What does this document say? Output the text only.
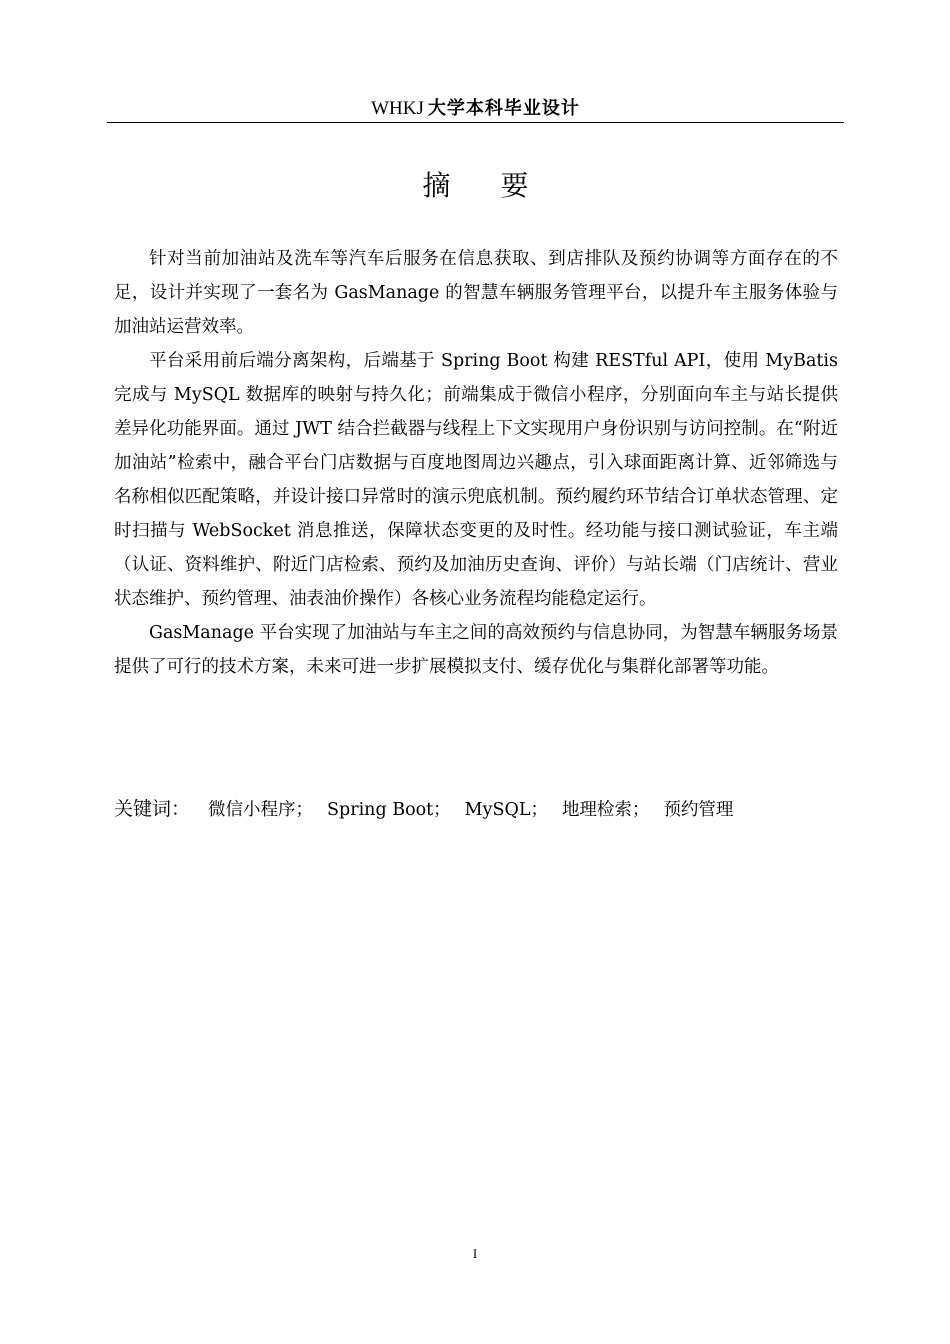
WHKJ 大学本科毕业设计
摘要

针对当前加油站及洗车等汽车后服务在信息获取、到店排队及预约协调等方面存在的不足，设计并实现了一套名为 GasManage 的智慧车辆服务管理平台，以提升车主服务体验与加油站运营效率。

平台采用前后端分离架构，后端基于 Spring Boot 构建 RESTful API，使用 MyBatis 完成与 MySQL 数据库的映射与持久化；前端集成于微信小程序，分别面向车主与站长提供差异化功能界面。通过 JWT 结合拦截器与线程上下文实现用户身份识别与访问控制。在“附近加油站”检索中，融合平台门店数据与百度地图周边兴趣点，引入球面距离计算、近邻筛选与名称相似匹配策略，并设计接口异常时的演示兜底机制。预约履约环节结合订单状态管理、定时扫描与 WebSocket 消息推送，保障状态变更的及时性。经功能与接口测试验证，车主端（认证、资料维护、附近门店检索、预约及加油历史查询、评价）与站长端（门店统计、营业状态维护、预约管理、油表油价操作）各核心业务流程均能稳定运行。

GasManage 平台实现了加油站与车主之间的高效预约与信息协同，为智慧车辆服务场景提供了可行的技术方案，未来可进一步扩展模拟支付、缓存优化与集群化部署等功能。

关键词： 微信小程序； Spring Boot； MySQL； 地理检索； 预约管理
I
